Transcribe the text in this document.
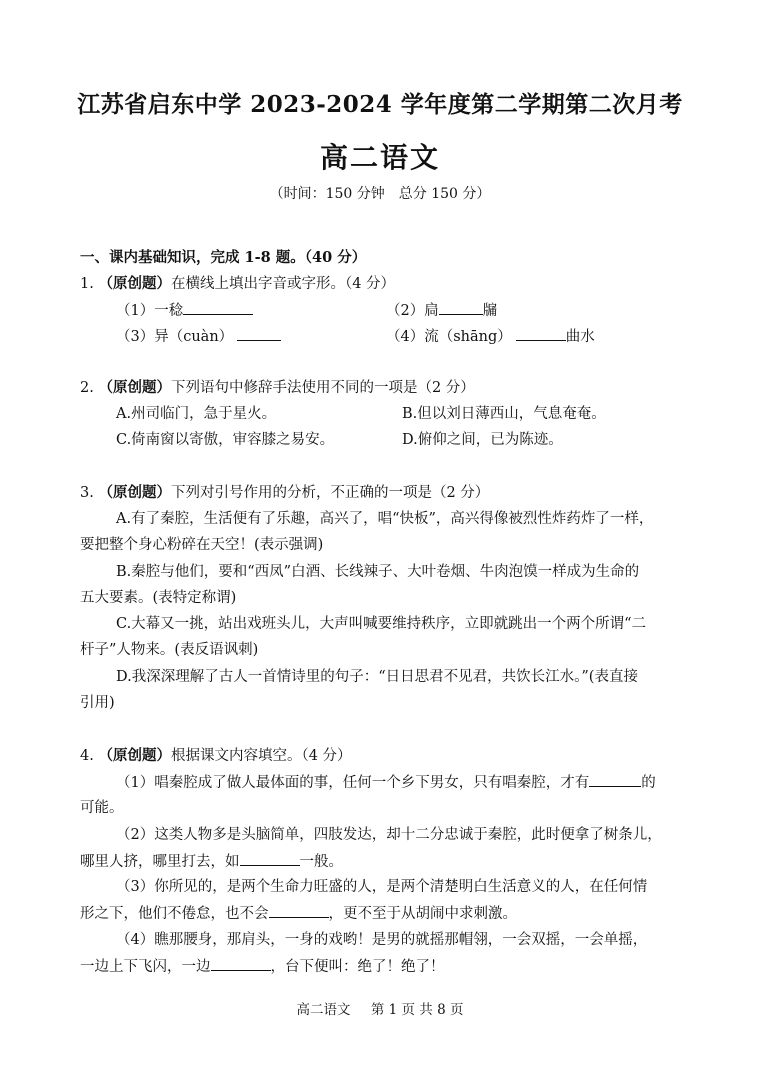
江苏省启东中学 2023-2024 学年度第二学期第二次月考
高二语文
（时间：150 分钟　总分 150 分）
一、课内基础知识，完成 1-8 题。（40 分）
1. （原创题）在横线上填出字音或字形。（4 分）
（1）一稔	（2）扃	牖
（3）异（cuàn）	（4）流（shāng）	曲水
2. （原创题）下列语句中修辞手法使用不同的一项是（2 分）
A.州司临门，急于星火。	B.但以刘日薄西山，气息奄奄。
C.倚南窗以寄傲，审容膝之易安。	D.俯仰之间，已为陈迹。
3. （原创题）下列对引号作用的分析，不正确的一项是（2 分）
A.有了秦腔，生活便有了乐趣，高兴了，唱“快板”，高兴得像被烈性炸药炸了一样，
要把整个身心粉碎在天空！(表示强调)
B.秦腔与他们，要和“西凤”白酒、长线辣子、大叶卷烟、牛肉泡馍一样成为生命的
五大要素。(表特定称谓)
C.大幕又一挑，站出戏班头儿，大声叫喊要维持秩序，立即就跳出一个两个所谓“二
杆子”人物来。(表反语讽刺)
D.我深深理解了古人一首情诗里的句子：“日日思君不见君，共饮长江水。”(表直接
引用)
4. （原创题）根据课文内容填空。（4 分）
（1）唱秦腔成了做人最体面的事，任何一个乡下男女，只有唱秦腔，才有	的
可能。
（2）这类人物多是头脑简单，四肢发达，却十二分忠诚于秦腔，此时便拿了树条儿，
哪里人挤，哪里打去，如	一般。
（3）你所见的，是两个生命力旺盛的人，是两个清楚明白生活意义的人，在任何情
形之下，他们不倦怠，也不会	，更不至于从胡闹中求刺激。
（4）瞧那腰身，那肩头，一身的戏哟！是男的就摇那帽翎，一会双摇，一会单摇，
一边上下飞闪，一边	，台下便叫：绝了！绝了！
高二语文 第 1 页 共 8 页
